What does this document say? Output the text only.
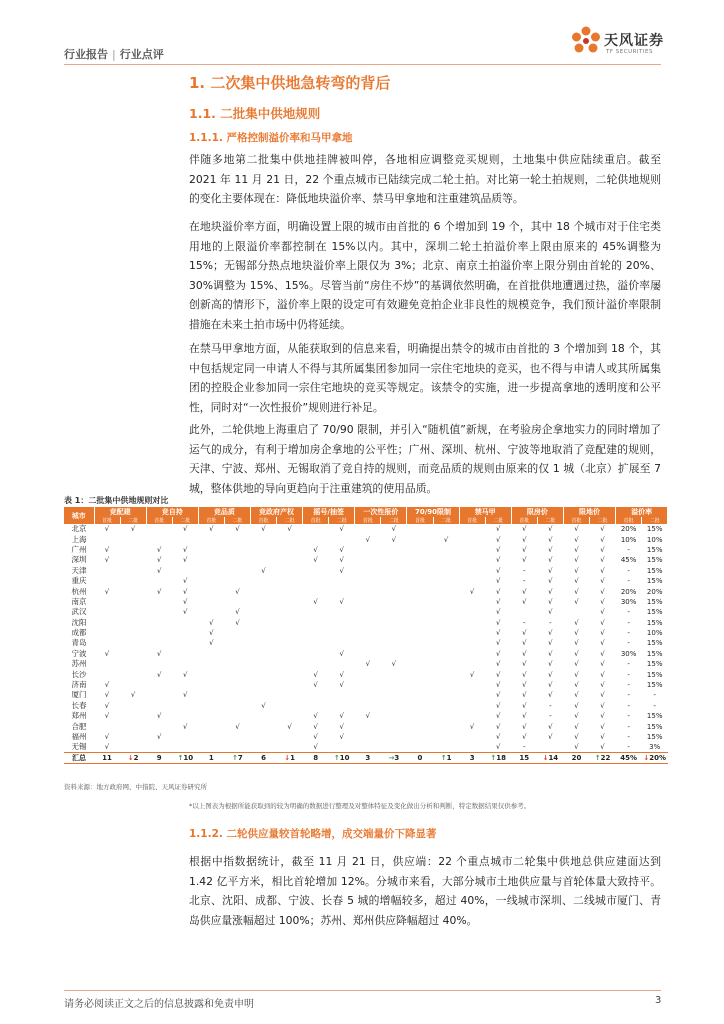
行业报告 | 行业点评
天风证券
TF SECURITIES
1. 二次集中供地急转弯的背后
1.1. 二批集中供地规则
1.1.1. 严格控制溢价率和马甲拿地
伴随多地第二批集中供地挂牌被叫停，各地相应调整竞买规则，土地集中供应陆续重启。截至 2021 年 11 月 21 日，22 个重点城市已陆续完成二轮土拍。对比第一轮土拍规则，二轮供地规则的变化主要体现在：降低地块溢价率、禁马甲拿地和注重建筑品质等。
在地块溢价率方面，明确设置上限的城市由首批的 6 个增加到 19 个，其中 18 个城市对于住宅类用地的上限溢价率都控制在 15%以内。其中，深圳二轮土拍溢价率上限由原来的 45%调整为 15%；无锡部分热点地块溢价率上限仅为 3%；北京、南京土拍溢价率上限分别由首轮的 20%、30%调整为 15%、15%。尽管当前“房住不炒”的基调依然明确，在首批供地遭遇过热，溢价率屡创新高的情形下，溢价率上限的设定可有效避免竞拍企业非良性的规模竞争，我们预计溢价率限制措施在未来土拍市场中仍将延续。
在禁马甲拿地方面，从能获取到的信息来看，明确提出禁令的城市由首批的 3 个增加到 18 个，其中包括规定同一申请人不得与其所属集团参加同一宗住宅地块的竞买，也不得与申请人或其所属集团的控股企业参加同一宗住宅地块的竞买等规定。该禁令的实施，进一步提高拿地的透明度和公平性，同时对“一次性报价”规则进行补足。
此外，二轮供地上海重启了 70/90 限制，并引入“随机值”新规，在考验房企拿地实力的同时增加了运气的成分，有利于增加房企拿地的公平性；广州、深圳、杭州、宁波等地取消了竞配建的规则，天津、宁波、郑州、无锡取消了竞自持的规则，而竞品质的规则由原来的仅 1 城（北京）扩展至 7 城，整体供地的导向更趋向于注重建筑的使用品质。
表 1：二批集中供地规则对比
城市	竞配建		竞自持		竞品质		竞政府产权		摇号/抽签		一次性报价		70/90限制		禁马甲		限房价		限地价		溢价率	
	首批	二批	首批	二批	首批	二批	首批	二批	首批	二批	首批	二批	首批	二批	首批	二批	首批	二批	首批	二批	首批	二批
北京	√	√		√	√	√	√	√		√		√				√	√	√	√	√	20%	15%
上海											√	√		√		√	√	√	√	√	10%	10%
广州	√		√	√					√	√						√	√	√	√	√	-	15%
深圳	√		√	√					√	√						√	√	√	√	√	45%	15%
天津			√				√			√						√	-	√	√	√	-	15%
重庆				√												√	-	√	√	√	-	15%
杭州	√		√	√		√									√	√	√	√	√	√	20%	20%
南京				√					√	√						√	√	√	√	√	30%	15%
武汉				√		√										√		√		√	-	15%
沈阳					√	√										√	-	-	√	√	-	15%
成都					√											√	√	√	√	√	-	10%
青岛					√											√	√	√	√	√	-	15%
宁波	√		√							√						√	√	√	√	√	30%	15%
苏州											√	√				√	√	√	√	√	-	15%
长沙			√	√					√	√					√	√	√	√	√	√	-	15%
济南	√								√	√						√	√	√	√	√	-	15%
厦门	√	√		√												√	√	√	√	√	-	-
长春	√						√									√	√	-	√	√	-	-
郑州	√		√						√	√	√					√	√	-	√	√	-	15%
合肥				√		√		√	√	√					√	√	√	√	√	√	-	15%
福州	√		√						√	√						√	√	√	√	√	-	15%
无锡	√								√							√	-		√	√	-	3%
汇总	11	↓2	9	↑10	1	↑7	6	↓1	8	↑10	3	→3	0	↑1	3	↑18	15	↓14	20	↑22	45%	↓20%
资料来源：地方政府网、中指院、天风证券研究所
*以上图表为根据所能获取到的较为明确的数据进行整理及对整体特征及变化做出分析和判断，特定数据结果仅供参考。
1.1.2. 二轮供应量较首轮略增，成交端量价下降显著
根据中指数据统计，截至 11 月 21 日，供应端：22 个重点城市二轮集中供地总供应建面达到 1.42 亿平方米，相比首轮增加 12%。分城市来看，大部分城市土地供应量与首轮体量大致持平。北京、沈阳、成都、宁波、长春 5 城的增幅较多，超过 40%，一线城市深圳、二线城市厦门、青岛供应量涨幅超过 100%；苏州、郑州供应降幅超过 40%。
请务必阅读正文之后的信息披露和免责申明	3
